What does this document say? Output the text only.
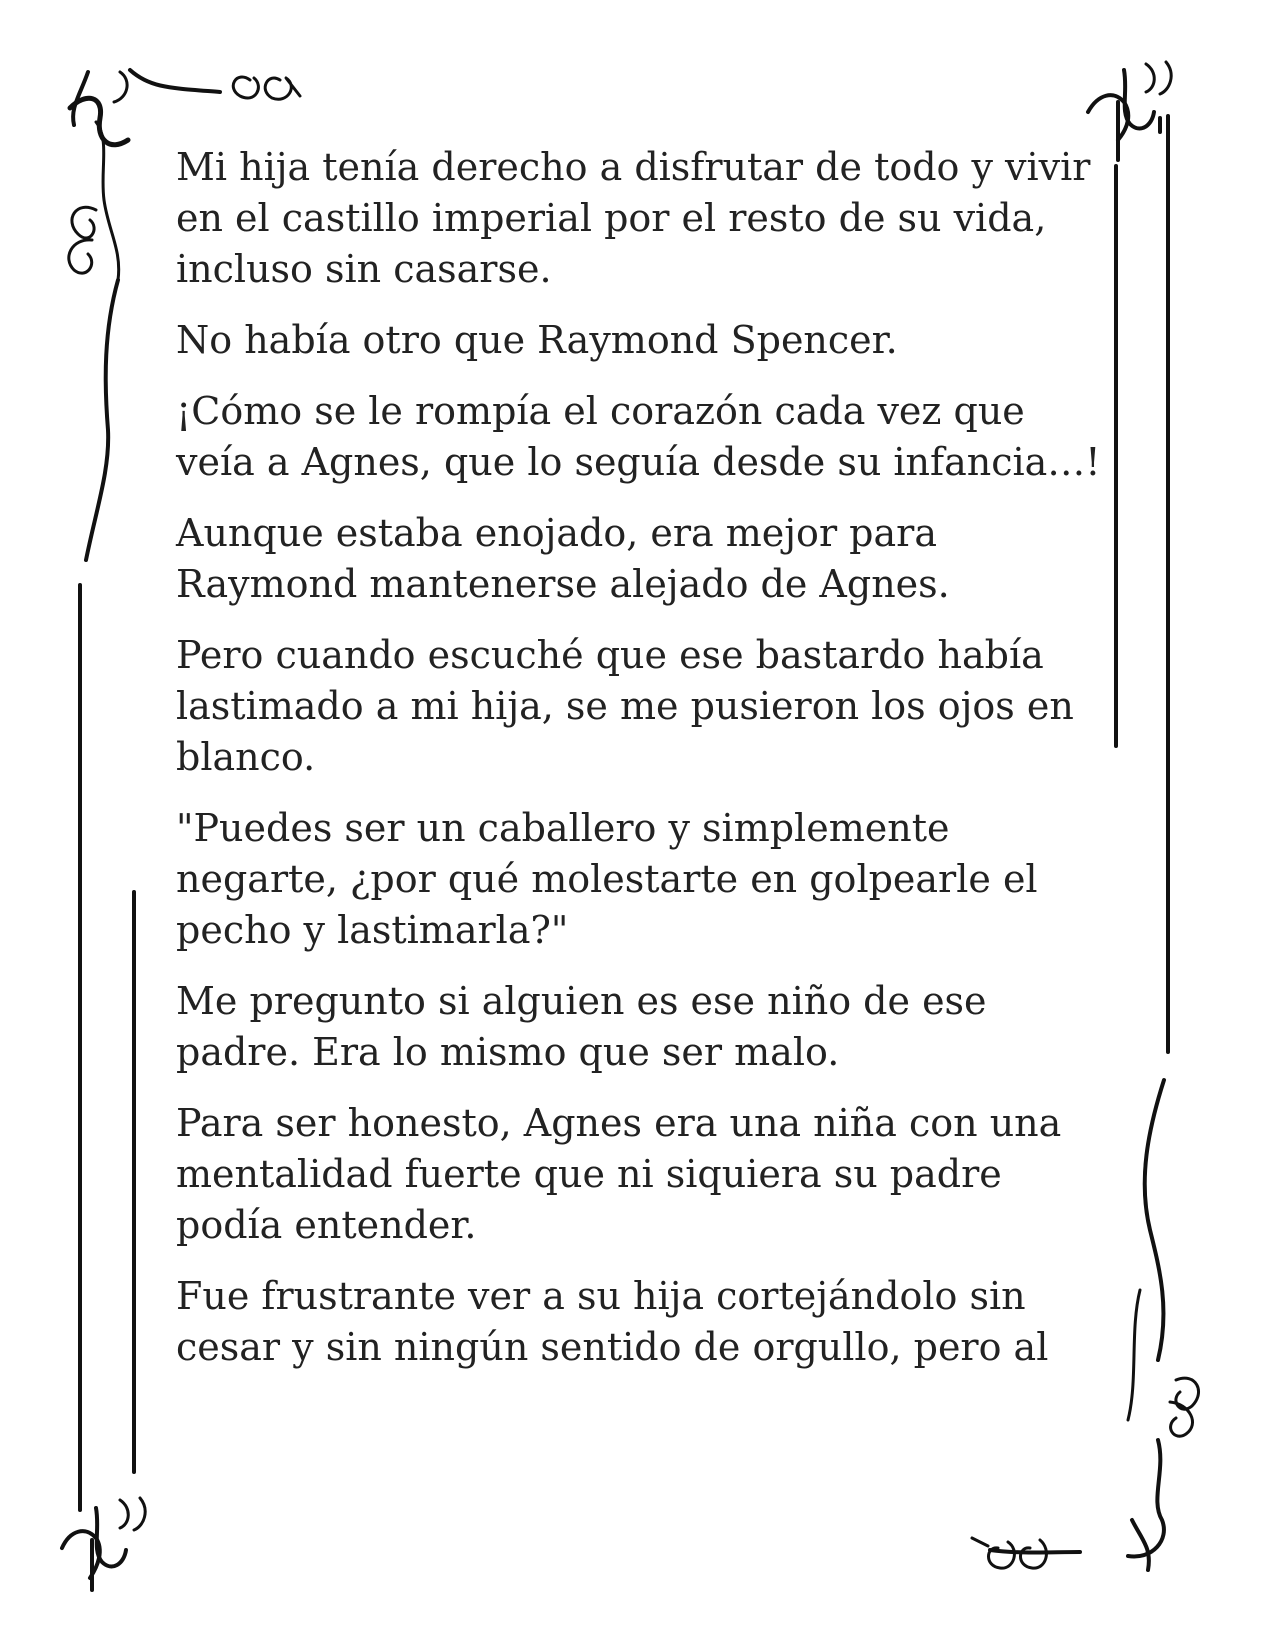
Mi hija tenía derecho a disfrutar de todo y vivir en el castillo imperial por el resto de su vida, incluso sin casarse.

No había otro que Raymond Spencer.

¡Cómo se le rompía el corazón cada vez que veía a Agnes, que lo seguía desde su infancia…!

Aunque estaba enojado, era mejor para Raymond mantenerse alejado de Agnes.

Pero cuando escuché que ese bastardo había lastimado a mi hija, se me pusieron los ojos en blanco.

"Puedes ser un caballero y simplemente negarte, ¿por qué molestarte en golpearle el pecho y lastimarla?"

Me pregunto si alguien es ese niño de ese padre. Era lo mismo que ser malo.

Para ser honesto, Agnes era una niña con una mentalidad fuerte que ni siquiera su padre podía entender.

Fue frustrante ver a su hija cortejándolo sin cesar y sin ningún sentido de orgullo, pero al
